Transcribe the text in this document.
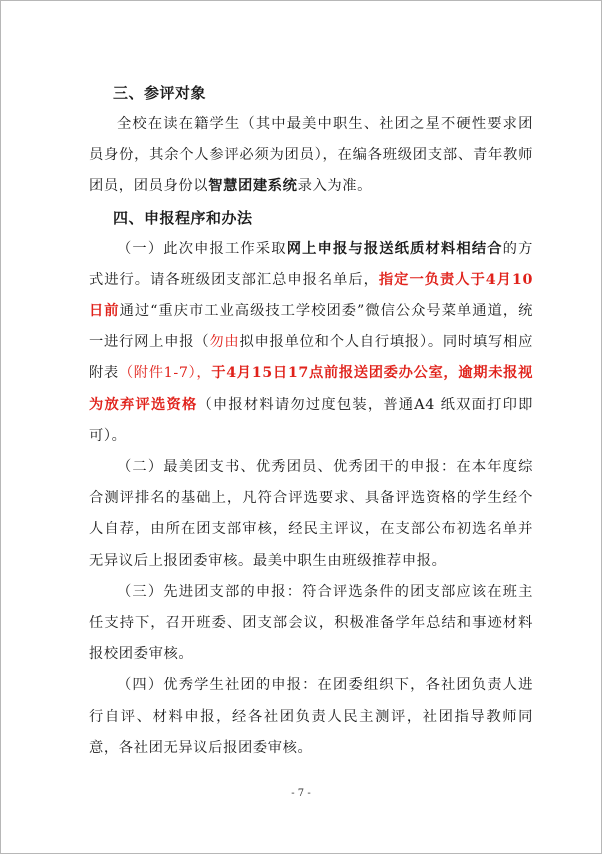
三、参评对象

全校在读在籍学生（其中最美中职生、社团之星不硬性要求团员身份，其余个人参评必须为团员），在编各班级团支部、青年教师团员，团员身份以智慧团建系统录入为准。

四、申报程序和办法

（一）此次申报工作采取网上申报与报送纸质材料相结合的方式进行。请各班级团支部汇总申报名单后，指定一负责人于4月10日前通过“重庆市工业高级技工学校团委”微信公众号菜单通道，统一进行网上申报（勿由拟申报单位和个人自行填报）。同时填写相应附表（附件1-7），于4月15日17点前报送团委办公室，逾期未报视为放弃评选资格（申报材料请勿过度包装，普通A4 纸双面打印即可）。

（二）最美团支书、优秀团员、优秀团干的申报：在本年度综合测评排名的基础上，凡符合评选要求、具备评选资格的学生经个人自荐，由所在团支部审核，经民主评议，在支部公布初选名单并无异议后上报团委审核。最美中职生由班级推荐申报。

（三）先进团支部的申报：符合评选条件的团支部应该在班主任支持下，召开班委、团支部会议，积极准备学年总结和事迹材料报校团委审核。

（四）优秀学生社团的申报：在团委组织下，各社团负责人进行自评、材料申报，经各社团负责人民主测评，社团指导教师同意，各社团无异议后报团委审核。

- 7 -
